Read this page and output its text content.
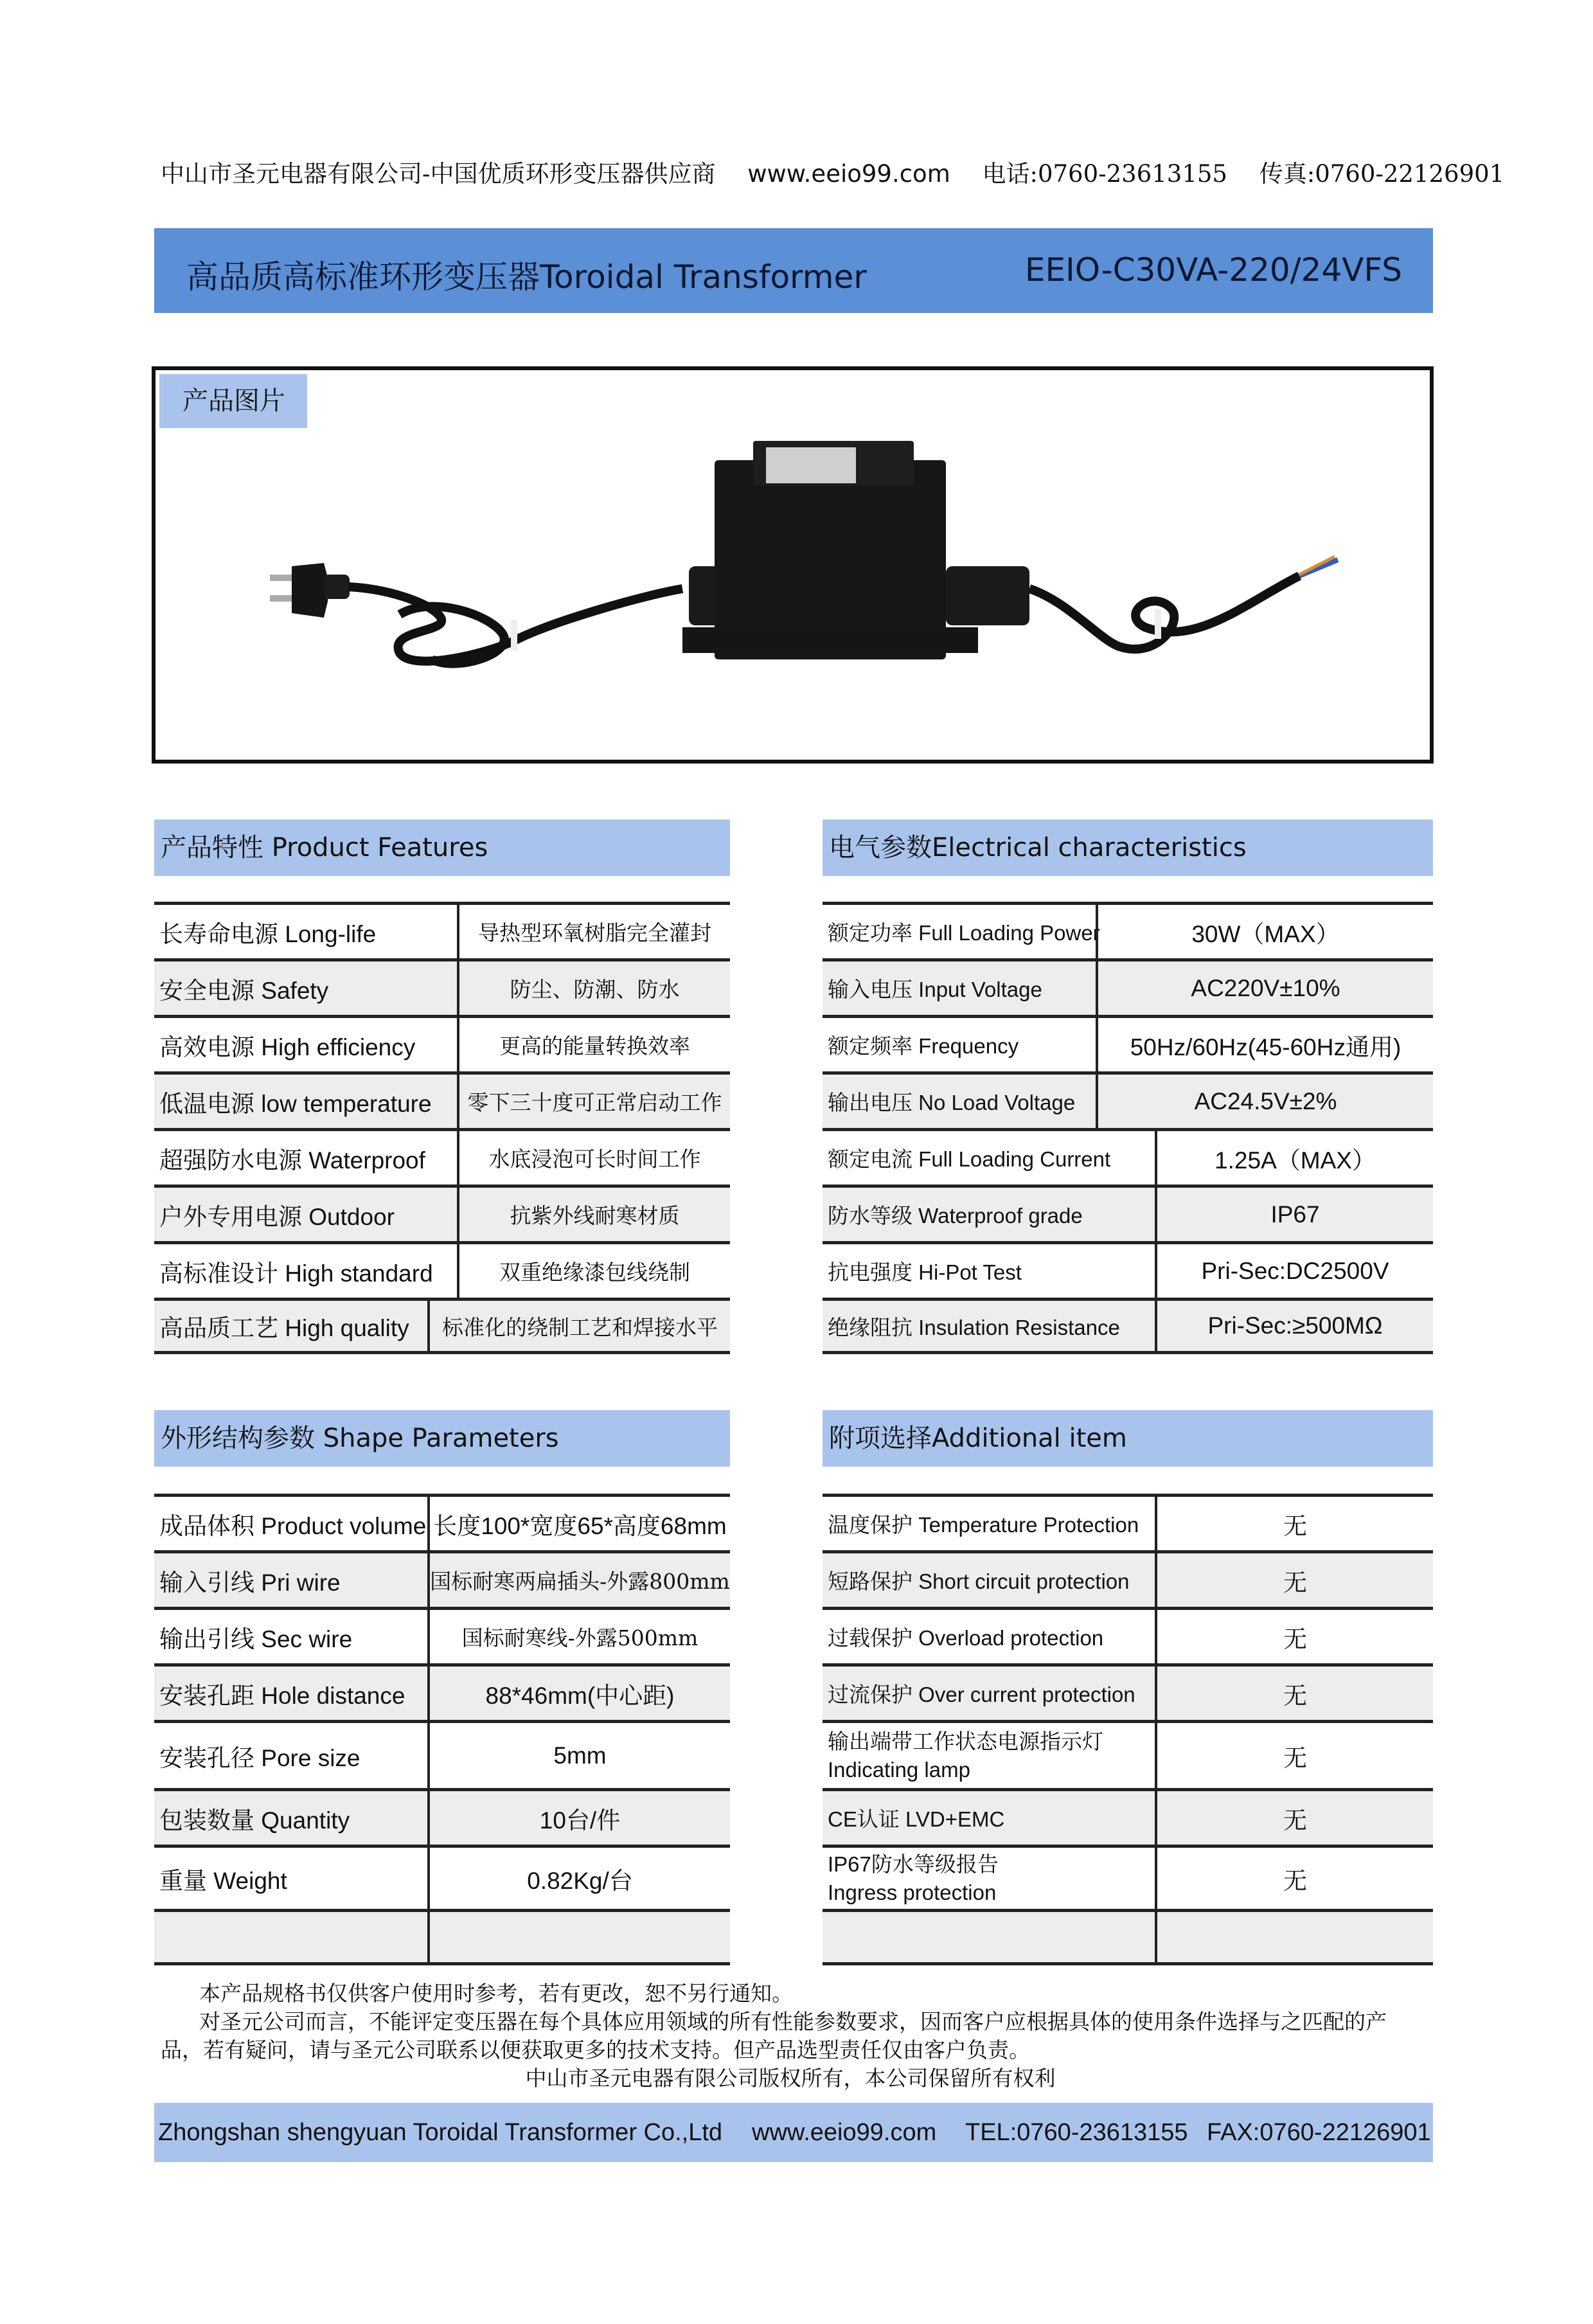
中山市圣元电器有限公司-中国优质环形变压器供应商 www.eeio99.com 电话:0760-23613155 传真:0760-22126901
高品质高标准环形变压器Toroidal Transformer	EEIO-C30VA-220/24VFS
产品图片
产品特性 Product Features
长寿命电源 Long-life	导热型环氧树脂完全灌封
安全电源 Safety	防尘、防潮、防水
高效电源 High efficiency	更高的能量转换效率
低温电源 low temperature	零下三十度可正常启动工作
超强防水电源 Waterproof	水底浸泡可长时间工作
户外专用电源 Outdoor	抗紫外线耐寒材质
高标准设计 High standard	双重绝缘漆包线绕制
高品质工艺 High quality	标准化的绕制工艺和焊接水平
电气参数Electrical characteristics
额定功率 Full Loading Power	30W（MAX）
输入电压 Input Voltage	AC220V±10%
额定频率 Frequency	50Hz/60Hz(45-60Hz通用)
输出电压 No Load Voltage	AC24.5V±2%
额定电流 Full Loading Current	1.25A（MAX）
防水等级 Waterproof grade	IP67
抗电强度 Hi-Pot Test	Pri-Sec:DC2500V
绝缘阻抗 Insulation Resistance	Pri-Sec:≥500MΩ
外形结构参数 Shape Parameters
成品体积 Product volume 长度100*宽度65*高度68mm
输入引线 Pri wire	国标耐寒两扁插头-外露800mm
输出引线 Sec wire	国标耐寒线-外露500mm
安装孔距 Hole distance	88*46mm(中心距)
安装孔径 Pore size	5mm
包装数量 Quantity	10台/件
重量 Weight	0.82Kg/台
附项选择Additional item
温度保护 Temperature Protection	无
短路保护 Short circuit protection	无
过载保护 Overload protection	无
过流保护 Over current protection	无
输出端带工作状态电源指示灯
Indicating lamp	无
CE认证 LVD+EMC	无
IP67防水等级报告
Ingress protection	无
本产品规格书仅供客户使用时参考，若有更改，恕不另行通知。
对圣元公司而言，不能评定变压器在每个具体应用领域的所有性能参数要求，因而客户应根据具体的使用条件选择与之匹配的产品，若有疑问，请与圣元公司联系以便获取更多的技术支持。但产品选型责任仅由客户负责。
中山市圣元电器有限公司版权所有，本公司保留所有权利
Zhongshan shengyuan Toroidal Transformer Co.,Ltd www.eeio99.com TEL:0760-23613155 FAX:0760-22126901
